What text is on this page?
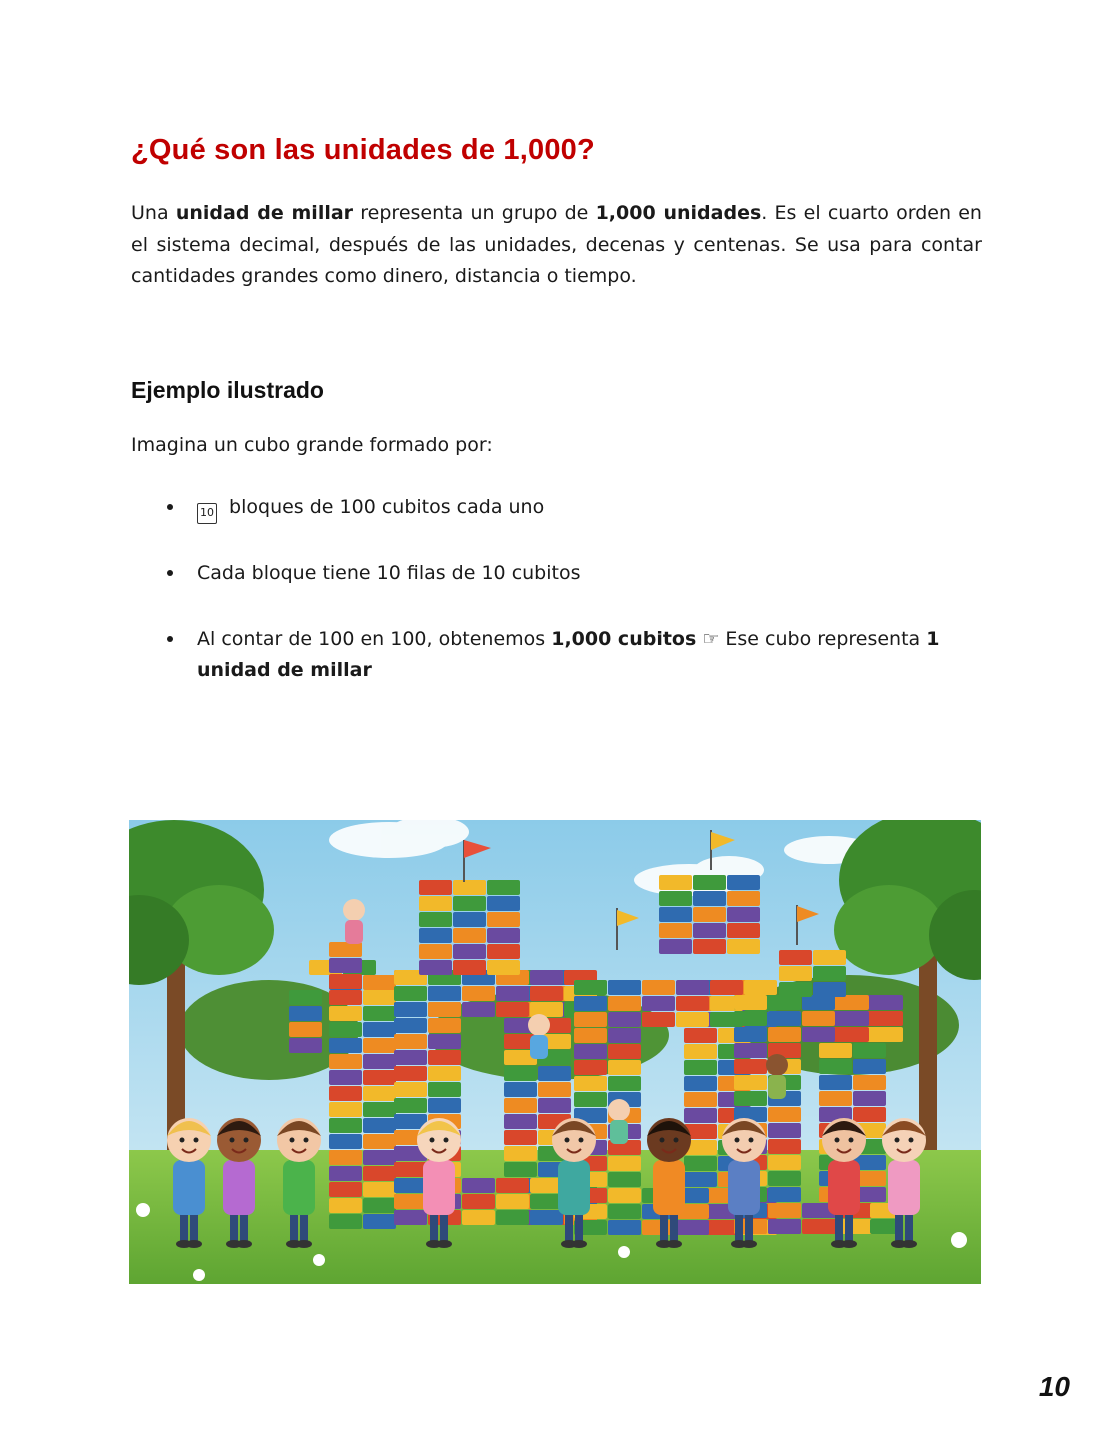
¿Qué son las unidades de 1,000?

Una unidad de millar representa un grupo de 1,000 unidades. Es el cuarto orden en el sistema decimal, después de las unidades, decenas y centenas. Se usa para contar cantidades grandes como dinero, distancia o tiempo.

Ejemplo ilustrado

Imagina un cubo grande formado por:

10 bloques de 100 cubitos cada uno
Cada bloque tiene 10 filas de 10 cubitos
Al contar de 100 en 100, obtenemos 1,000 cubitos ☞ Ese cubo representa 1 unidad de millar

10
